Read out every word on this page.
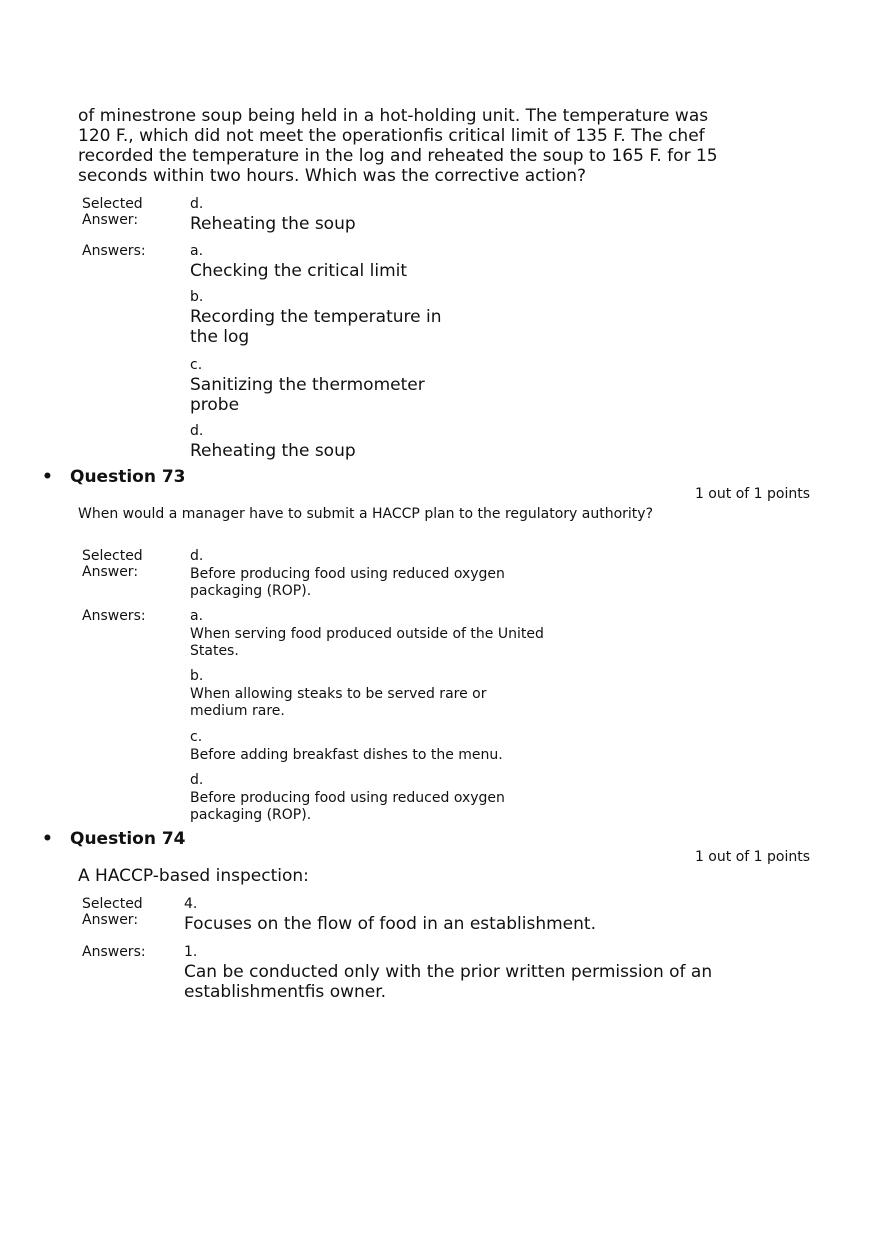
of minestrone soup being held in a hot-holding unit. The temperature was 120 F., which did not meet the operationfis critical limit of 135 F. The chef recorded the temperature in the log and reheated the soup to 165 F. for 15 seconds within two hours. Which was the corrective action?

Selected Answer:

d.

Reheating the soup

Answers:	a.

Checking the critical limit

b.

Recording the temperature in the log

c.

Sanitizing the thermometer probe

d.

Reheating the soup

• Question 73
1 out of 1 points

When would a manager have to submit a HACCP plan to the regulatory authority?

Selected Answer:

d.

Before producing food using reduced oxygen packaging (ROP).

Answers:	a.

When serving food produced outside of the United States.

b.

When allowing steaks to be served rare or medium rare.

c.

Before adding breakfast dishes to the menu.

d.

Before producing food using reduced oxygen packaging (ROP).

• Question 74
1 out of 1 points

A HACCP-based inspection:

Selected Answer:

4.

Focuses on the flow of food in an establishment.

Answers:	1.

Can be conducted only with the prior written permission of an establishmentfis owner.
